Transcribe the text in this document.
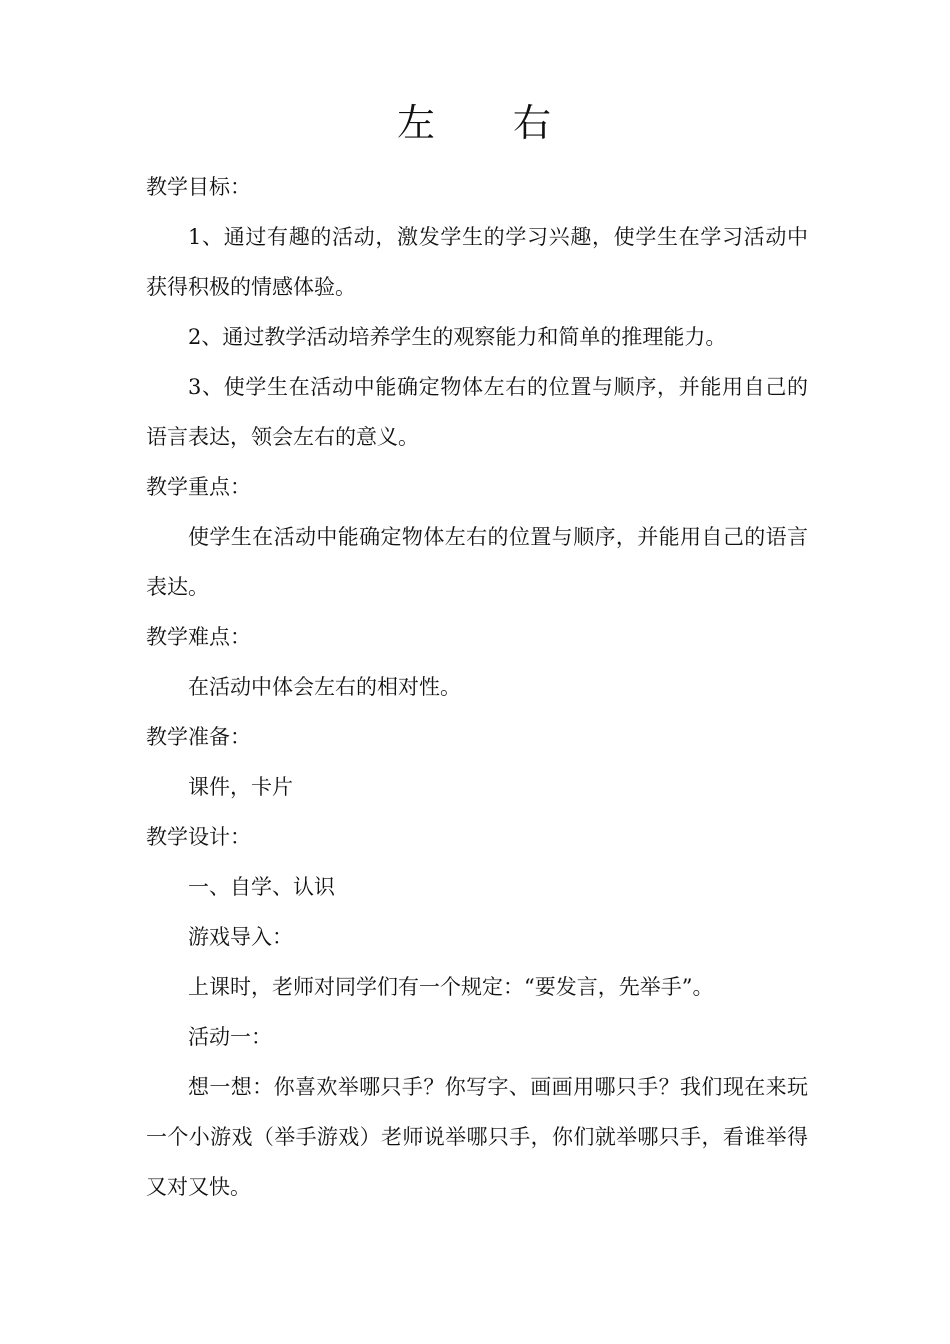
左 右

教学目标：

1、通过有趣的活动，激发学生的学习兴趣，使学生在学习活动中获得积极的情感体验。

2、通过教学活动培养学生的观察能力和简单的推理能力。

3、使学生在活动中能确定物体左右的位置与顺序，并能用自己的语言表达，领会左右的意义。

教学重点：

使学生在活动中能确定物体左右的位置与顺序，并能用自己的语言表达。

教学难点：

在活动中体会左右的相对性。

教学准备：

课件，卡片

教学设计：

一、自学、认识

游戏导入：

上课时，老师对同学们有一个规定：“要发言，先举手”。

活动一：

想一想：你喜欢举哪只手？你写字、画画用哪只手？我们现在来玩一个小游戏（举手游戏）老师说举哪只手，你们就举哪只手，看谁举得又对又快。
